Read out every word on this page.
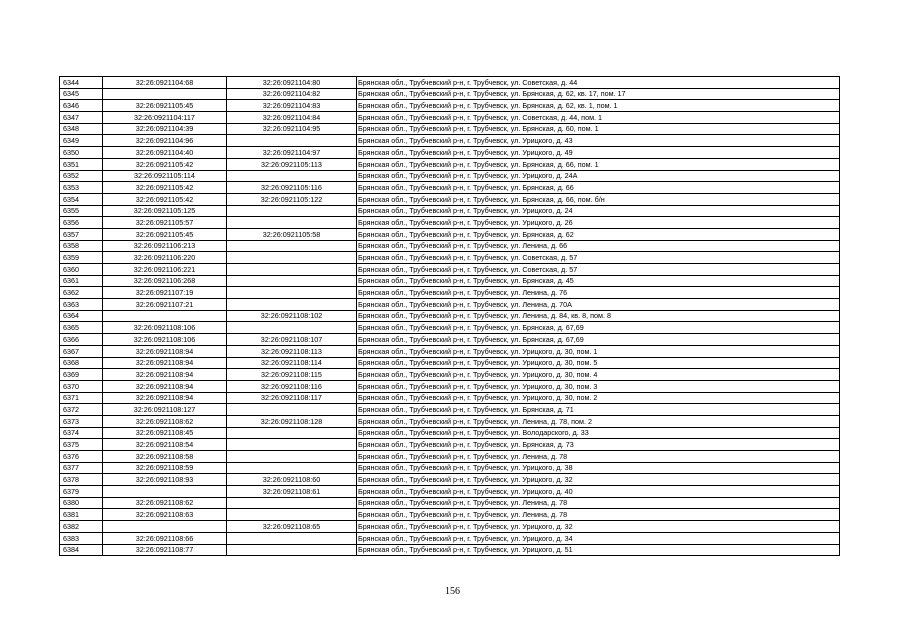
6344	32:26:0921104:68	32:26:0921104:80	Брянская обл., Трубчевский р-н, г. Трубчевск, ул. Советская, д. 44
6345		32:26:0921104:82	Брянская обл., Трубчевский р-н, г. Трубчевск, ул. Брянская, д. 62, кв. 17, пом. 17
6346	32:26:0921105:45	32:26:0921104:83	Брянская обл., Трубчевский р-н, г. Трубчевск, ул. Брянская, д. 62, кв. 1, пом. 1
6347	32:26:0921104:117	32:26:0921104:84	Брянская обл., Трубчевский р-н, г. Трубчевск, ул. Советская, д. 44, пом. 1
6348	32:26:0921104:39	32:26:0921104:95	Брянская обл., Трубчевский р-н, г. Трубчевск, ул. Брянская, д. 60, пом. 1
6349	32:26:0921104:96		Брянская обл., Трубчевский р-н, г. Трубчевск, ул. Урицкого, д. 43
6350	32:26:0921104:40	32:26:0921104:97	Брянская обл., Трубчевский р-н, г. Трубчевск, ул. Урицкого, д. 49
6351	32:26:0921105:42	32:26:0921105:113	Брянская обл., Трубчевский р-н, г. Трубчевск, ул. Брянская, д. 66, пом. 1
6352	32:26:0921105:114		Брянская обл., Трубчевский р-н, г. Трубчевск, ул. Урицкого, д. 24А
6353	32:26:0921105:42	32:26:0921105:116	Брянская обл., Трубчевский р-н, г. Трубчевск, ул. Брянская, д. 66
6354	32:26:0921105:42	32:26:0921105:122	Брянская обл., Трубчевский р-н, г. Трубчевск, ул. Брянская, д. 66, пом. б/н
6355	32:26:0921105:125		Брянская обл., Трубчевский р-н, г. Трубчевск, ул. Урицкого, д. 24
6356	32:26:0921105:57		Брянская обл., Трубчевский р-н, г. Трубчевск, ул. Урицкого, д. 26
6357	32:26:0921105:45	32:26:0921105:58	Брянская обл., Трубчевский р-н, г. Трубчевск, ул. Брянская, д. 62
6358	32:26:0921106:213		Брянская обл., Трубчевский р-н, г. Трубчевск, ул. Ленина, д. 66
6359	32:26:0921106:220		Брянская обл., Трубчевский р-н, г. Трубчевск, ул. Советская, д. 57
6360	32:26:0921106:221		Брянская обл., Трубчевский р-н, г. Трубчевск, ул. Советская, д. 57
6361	32:26:0921106:268		Брянская обл., Трубчевский р-н, г. Трубчевск, ул. Брянская, д. 45
6362	32:26:0921107:19		Брянская обл., Трубчевский р-н, г. Трубчевск, ул. Ленина, д. 76
6363	32:26:0921107:21		Брянская обл., Трубчевский р-н, г. Трубчевск, ул. Ленина, д. 70А
6364		32:26:0921108:102	Брянская обл., Трубчевский р-н, г. Трубчевск, ул. Ленина, д. 84, кв. 8, пом. 8
6365	32:26:0921108:106		Брянская обл., Трубчевский р-н, г. Трубчевск, ул. Брянская, д. 67,69
6366	32:26:0921108:106	32:26:0921108:107	Брянская обл., Трубчевский р-н, г. Трубчевск, ул. Брянская, д. 67,69
6367	32:26:0921108:94	32:26:0921108:113	Брянская обл., Трубчевский р-н, г. Трубчевск, ул. Урицкого, д. 30, пом. 1
6368	32:26:0921108:94	32:26:0921108:114	Брянская обл., Трубчевский р-н, г. Трубчевск, ул. Урицкого, д. 30, пом. 5
6369	32:26:0921108:94	32:26:0921108:115	Брянская обл., Трубчевский р-н, г. Трубчевск, ул. Урицкого, д. 30, пом. 4
6370	32:26:0921108:94	32:26:0921108:116	Брянская обл., Трубчевский р-н, г. Трубчевск, ул. Урицкого, д. 30, пом. 3
6371	32:26:0921108:94	32:26:0921108:117	Брянская обл., Трубчевский р-н, г. Трубчевск, ул. Урицкого, д. 30, пом. 2
6372	32:26:0921108:127		Брянская обл., Трубчевский р-н, г. Трубчевск, ул. Брянская, д. 71
6373	32:26:0921108:62	32:26:0921108:128	Брянская обл., Трубчевский р-н, г. Трубчевск, ул. Ленина, д. 78, пом. 2
6374	32:26:0921108:45		Брянская обл., Трубчевский р-н, г. Трубчевск, ул. Володарского, д. 33
6375	32:26:0921108:54		Брянская обл., Трубчевский р-н, г. Трубчевск, ул. Брянская, д. 73
6376	32:26:0921108:58		Брянская обл., Трубчевский р-н, г. Трубчевск, ул. Ленина, д. 78
6377	32:26:0921108:59		Брянская обл., Трубчевский р-н, г. Трубчевск, ул. Урицкого, д. 38
6378	32:26:0921108:93	32:26:0921108:60	Брянская обл., Трубчевский р-н, г. Трубчевск, ул. Урицкого, д. 32
6379		32:26:0921108:61	Брянская обл., Трубчевский р-н, г. Трубчевск, ул. Урицкого, д. 40
6380	32:26:0921108:62		Брянская обл., Трубчевский р-н, г. Трубчевск, ул. Ленина, д. 78
6381	32:26:0921108:63		Брянская обл., Трубчевский р-н, г. Трубчевск, ул. Ленина, д. 78
6382		32:26:0921108:65	Брянская обл., Трубчевский р-н, г. Трубчевск, ул. Урицкого, д. 32
6383	32:26:0921108:66		Брянская обл., Трубчевский р-н, г. Трубчевск, ул. Урицкого, д. 34
6384	32:26:0921108:77		Брянская обл., Трубчевский р-н, г. Трубчевск, ул. Урицкого, д. 51
156
